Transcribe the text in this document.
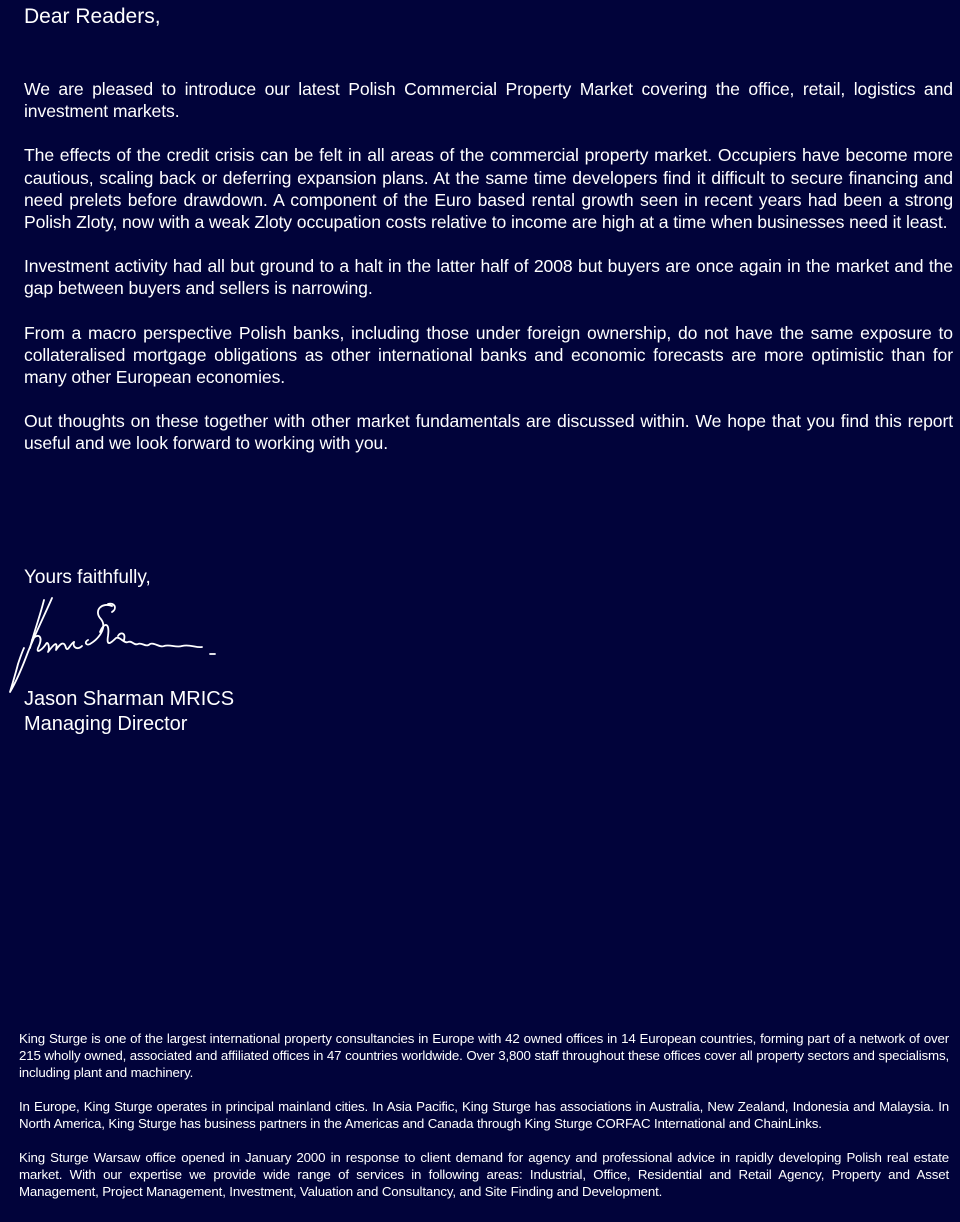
Dear Readers,

We are pleased to introduce our latest Polish Commercial Property Market covering the office, retail, logistics and investment markets.

The effects of the credit crisis can be felt in all areas of the commercial property market. Occupiers have become more cautious, scaling back or deferring expansion plans. At the same time developers find it difficult to secure financing and need prelets before drawdown. A component of the Euro based rental growth seen in recent years had been a strong Polish Zloty, now with a weak Zloty occupation costs relative to income are high at a time when businesses need it least.

Investment activity had all but ground to a halt in the latter half of 2008 but buyers are once again in the market and the gap between buyers and sellers is narrowing.

From a macro perspective Polish banks, including those under foreign ownership, do not have the same exposure to collateralised mortgage obligations as other international banks and economic forecasts are more optimistic than for many other European economies.

Out thoughts on these together with other market fundamentals are discussed within. We hope that you find this report useful and we look forward to working with you.

Yours faithfully,

Jason Sharman MRICS
Managing Director

King Sturge is one of the largest international property consultancies in Europe with 42 owned offices in 14 European countries, forming part of a network of over 215 wholly owned, associated and affiliated offices in 47 countries worldwide. Over 3,800 staff throughout these offices cover all property sectors and specialisms, including plant and machinery.

In Europe, King Sturge operates in principal mainland cities. In Asia Pacific, King Sturge has associations in Australia, New Zealand, Indonesia and Malaysia. In North America, King Sturge has business partners in the Americas and Canada through King Sturge CORFAC International and ChainLinks.

King Sturge Warsaw office opened in January 2000 in response to client demand for agency and professional advice in rapidly developing Polish real estate market. With our expertise we provide wide range of services in following areas: Industrial, Office, Residential and Retail Agency, Property and Asset Management, Project Management, Investment, Valuation and Consultancy, and Site Finding and Development.
